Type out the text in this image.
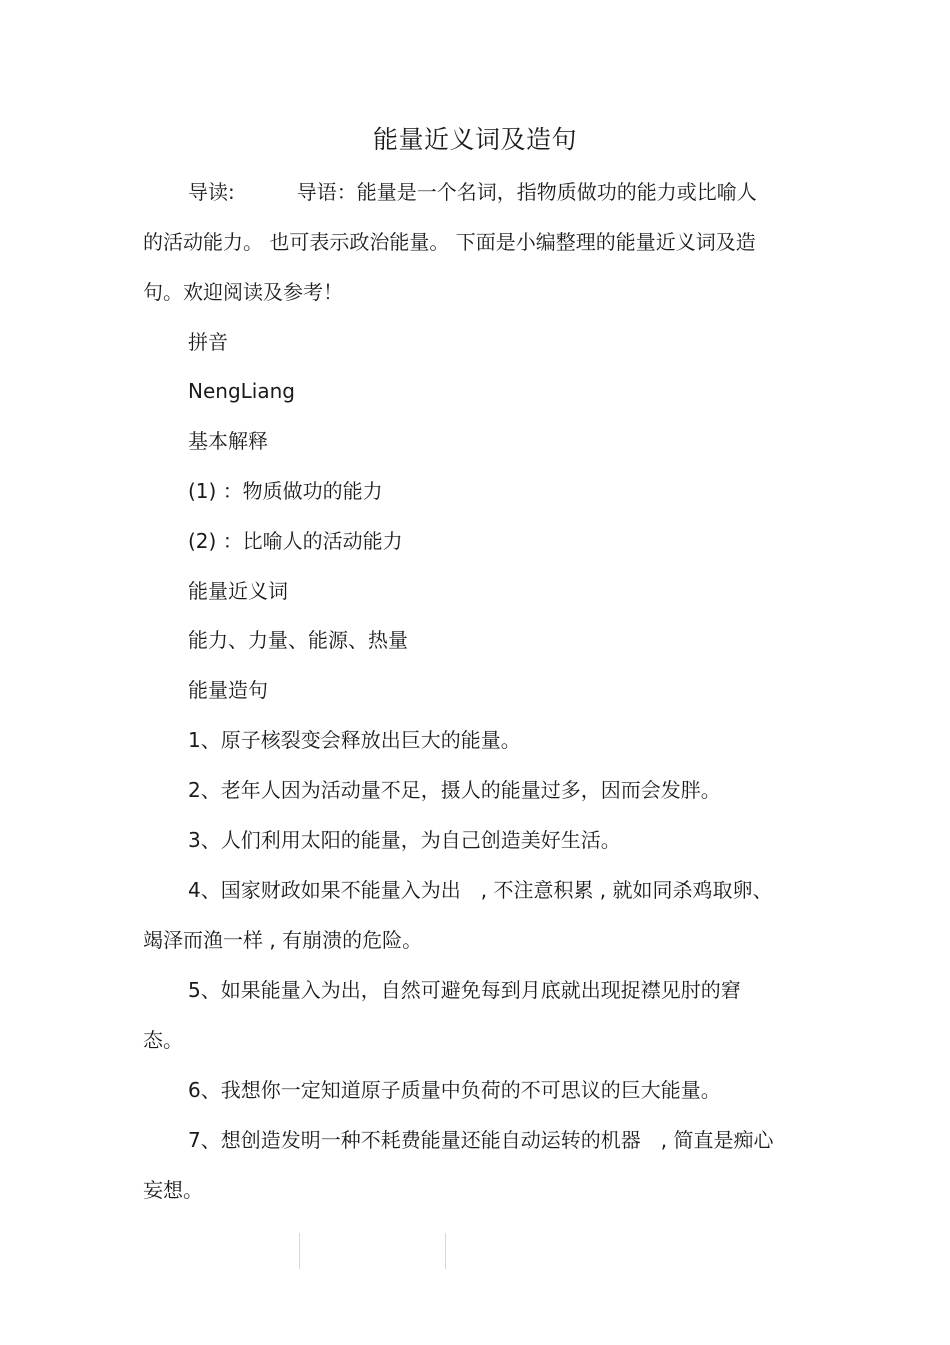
能量近义词及造句
导读:	导语：能量是一个名词，指物质做功的能力或比喻人
的活动能力。 也可表示政治能量。 下面是小编整理的能量近义词及造
句。欢迎阅读及参考！
拼音
NengLiang
基本解释
(1) ：物质做功的能力
(2) ：比喻人的活动能力
能量近义词
能力、力量、能源、热量
能量造句
1、原子核裂变会释放出巨大的能量。
2、老年人因为活动量不足，摄人的能量过多，因而会发胖。
3、人们利用太阳的能量，为自己创造美好生活。
4、国家财政如果不能量入为出 , 不注意积累 , 就如同杀鸡取卵、
竭泽而渔一样 , 有崩溃的危险。
5、如果能量入为出，自然可避免每到月底就出现捉襟见肘的窘
态。
6、我想你一定知道原子质量中负荷的不可思议的巨大能量。
7、想创造发明一种不耗费能量还能自动运转的机器 , 简直是痴心
妄想。
